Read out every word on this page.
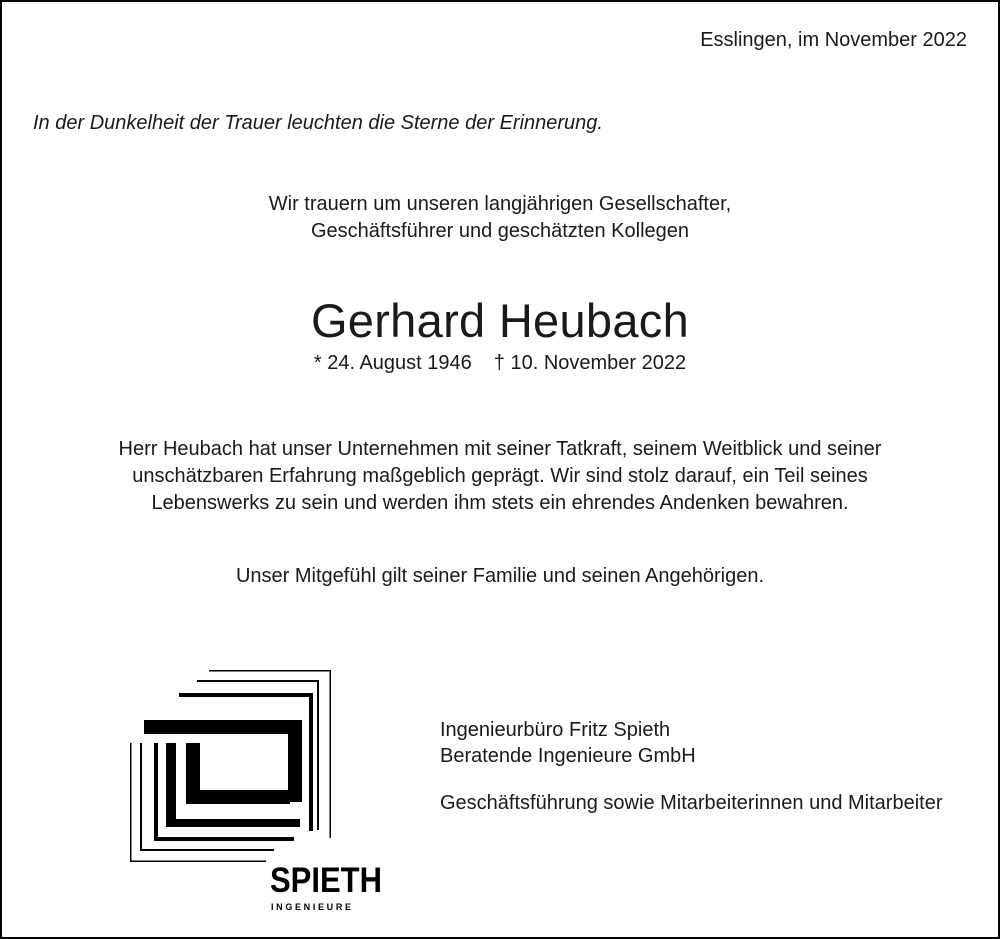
Esslingen, im November 2022
In der Dunkelheit der Trauer leuchten die Sterne der Erinnerung.
Wir trauern um unseren langjährigen Gesellschafter,
Geschäftsführer und geschätzten Kollegen
Gerhard Heubach
* 24. August 1946 † 10. November 2022
Herr Heubach hat unser Unternehmen mit seiner Tatkraft, seinem Weitblick und seiner
unschätzbaren Erfahrung maßgeblich geprägt. Wir sind stolz darauf, ein Teil seines
Lebenswerks zu sein und werden ihm stets ein ehrendes Andenken bewahren.
Unser Mitgefühl gilt seiner Familie und seinen Angehörigen.
SPIETH
INGENIEURE
Ingenieurbüro Fritz Spieth
Beratende Ingenieure GmbH
Geschäftsführung sowie Mitarbeiterinnen und Mitarbeiter
